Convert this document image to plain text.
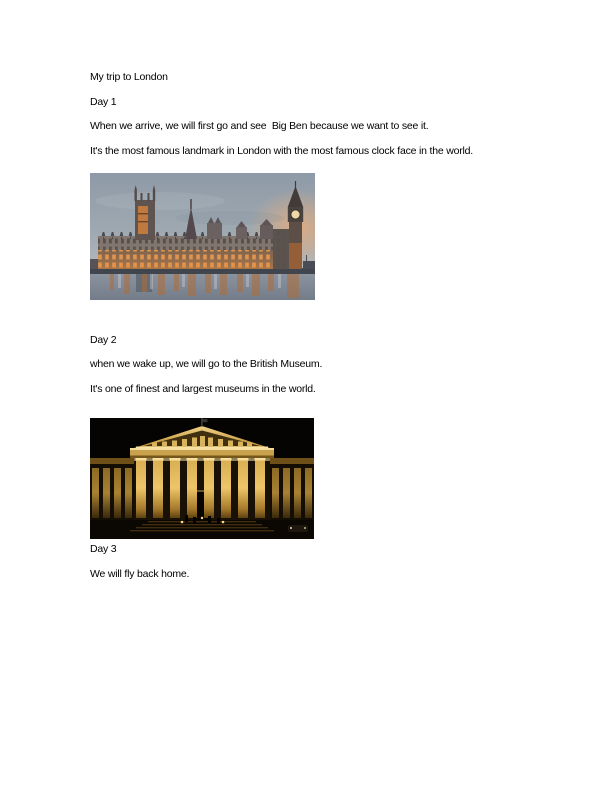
My trip to London

Day 1

When we arrive, we will first go and see  Big Ben because we want to see it.

It's the most famous landmark in London with the most famous clock face in the world.

Day 2

when we wake up, we will go to the British Museum.

It's one of finest and largest museums in the world.

Day 3

We will fly back home.
